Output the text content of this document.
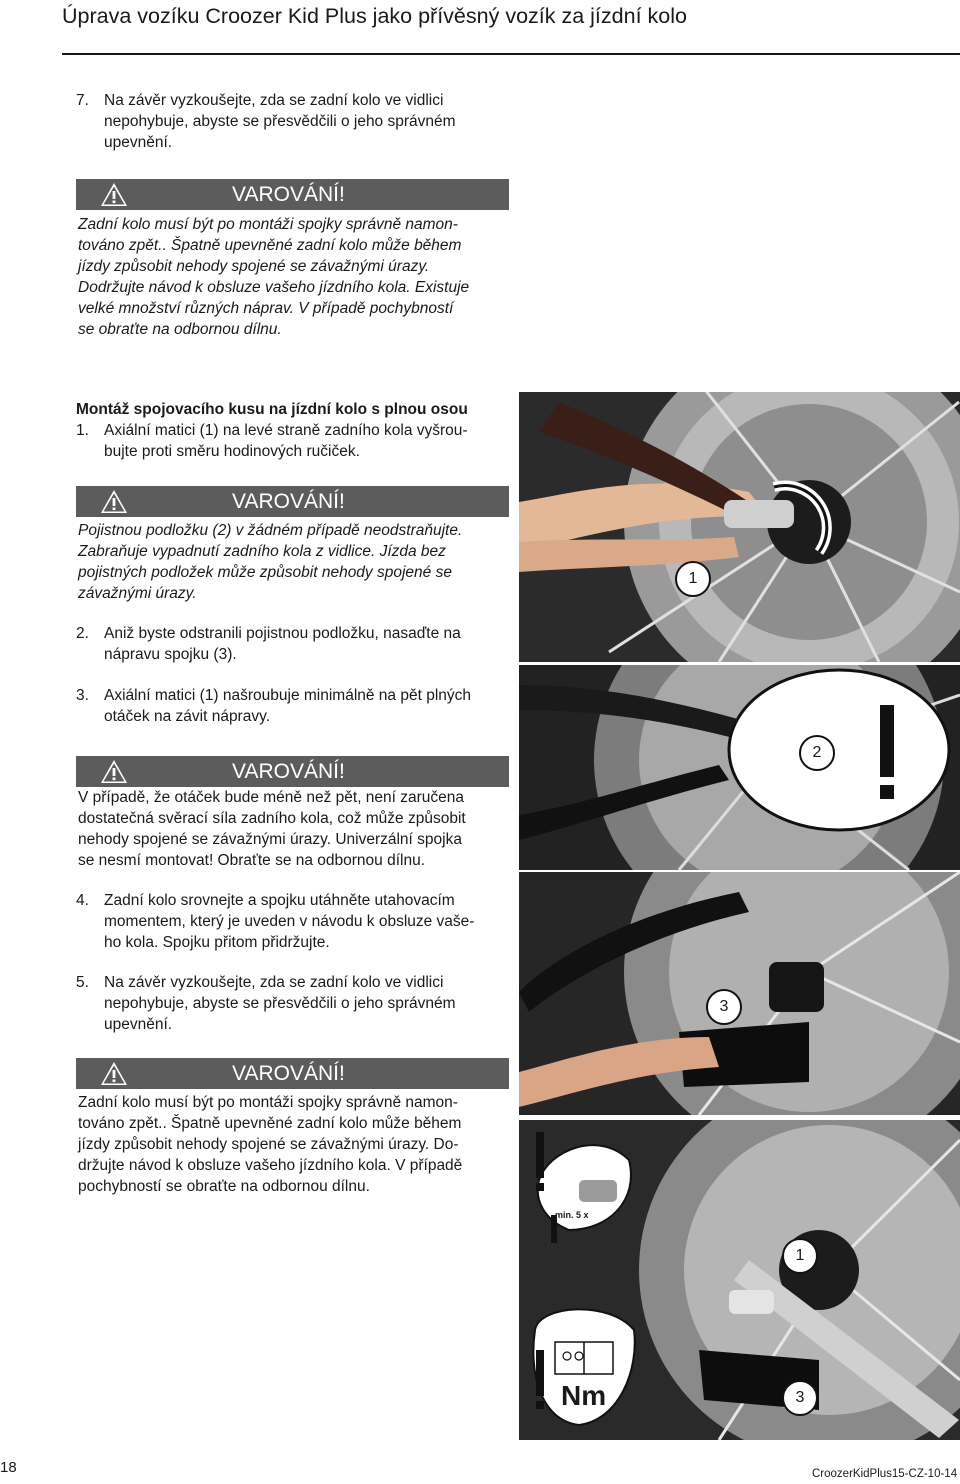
Úprava vozíku Croozer Kid Plus jako přívěsný vozík za jízdní kolo
7. Na závěr vyzkoušejte, zda se zadní kolo ve vidlici
nepohybuje, abyste se přesvědčili o jeho správném
upevnění.
VAROVÁNÍ!
Zadní kolo musí být po montáži spojky správně namon-
továno zpět.. Špatně upevněné zadní kolo může během
jízdy způsobit nehody spojené se závažnými úrazy.
Dodržujte návod k obsluze vašeho jízdního kola. Existuje
velké množství různých náprav. V případě pochybností
se obraťte na odbornou dílnu.
Montáž spojovacího kusu na jízdní kolo s plnou osou
1. Axiální matici (1) na levé straně zadního kola vyšrou-
bujte proti směru hodinových ručiček.
VAROVÁNÍ!
Pojistnou podložku (2) v žádném případě neodstraňujte.
Zabraňuje vypadnutí zadního kola z vidlice. Jízda bez
pojistných podložek může způsobit nehody spojené se
závažnými úrazy.
2. Aniž byste odstranili pojistnou podložku, nasaďte na
nápravu spojku (3).
3. Axiální matici (1) našroubuje minimálně na pět plných
otáček na závit nápravy.
VAROVÁNÍ!
V případě, že otáček bude méně než pět, není zaručena
dostatečná svěrací síla zadního kola, což může způsobit
nehody spojené se závažnými úrazy. Univerzální spojka
se nesmí montovat! Obraťte se na odbornou dílnu.
4. Zadní kolo srovnejte a spojku utáhněte utahovacím
momentem, který je uveden v návodu k obsluze vaše-
ho kola. Spojku přitom přidržujte.
5. Na závěr vyzkoušejte, zda se zadní kolo ve vidlici
nepohybuje, abyste se přesvědčili o jeho správném
upevnění.
VAROVÁNÍ!
Zadní kolo musí být po montáži spojky správně namon-
továno zpět.. Špatně upevněné zadní kolo může během
jízdy způsobit nehody spojené se závažnými úrazy. Do-
držujte návod k obsluze vašeho jízdního kola. V případě
pochybností se obraťte na odbornou dílnu.
1
2
3
min. 5 x
Nm
1
3
18	CroozerKidPlus15-CZ-10-14
